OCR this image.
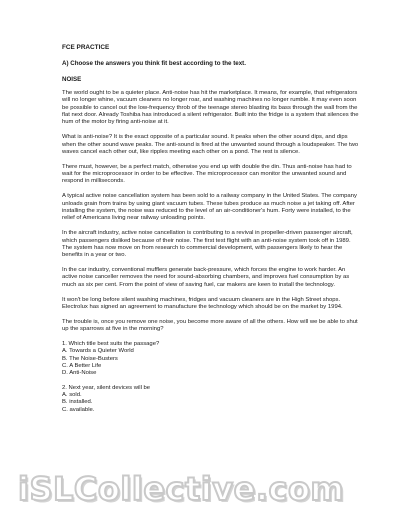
FCE PRACTICE
A) Choose the answers you think fit best according to the text.
NOISE

The world ought to be a quieter place. Anti-noise has hit the marketplace. It means, for example, that refrigerators will no longer whine, vacuum cleaners no longer roar, and washing machines no longer rumble. It may even soon be possible to cancel out the low-frequency throb of the teenage stereo blasting its bass through the wall from the flat next door. Already Toshiba has introduced a silent refrigerator. Built into the fridge is a system that silences the hum of the motor by firing anti-noise at it.

What is anti-noise? It is the exact opposite of a particular sound. It peaks when the other sound dips, and dips when the other sound wave peaks. The anti-sound is fired at the unwanted sound through a loudspeaker. The two waves cancel each other out, like ripples meeting each other on a pond. The rest is silence.

There must, however, be a perfect match, otherwise you end up with double the din. Thus anti-noise has had to wait for the microprocessor in order to be effective. The microprocessor can monitor the unwanted sound and respond in milliseconds.

A typical active noise cancellation system has been sold to a railway company in the United States. The company unloads grain from trains by using giant vacuum tubes. These tubes produce as much noise a jet taking off. After installing the system, the noise was reduced to the level of an air-conditioner's hum. Forty were installed, to the relief of Americans living near railway unloading points.

In the aircraft industry, active noise cancellation is contributing to a revival in propeller-driven passenger aircraft, which passengers disliked because of their noise. The first test flight with an anti-noise system took off in 1989. The system has now move on from research to commercial development, with passengers likely to hear the benefits in a year or two.

In the car industry, conventional mufflers generate back-pressure, which forces the engine to work harder. An active noise canceller removes the need for sound-absorbing chambers, and improves fuel consumption by as much as six per cent. From the point of view of saving fuel, car makers are keen to install the technology.

It won't be long before silent washing machines, fridges and vacuum cleaners are in the High Street shops. Electrolux has signed an agreement to manufacture the technology which should be on the market by 1994.

The trouble is, once you remove one noise, you become more aware of all the others. How will we be able to shut up the sparrows at five in the morning?

1. Which title best suits the passage?
A. Towards a Quieter World
B. The Noise-Busters
C. A Better Life
D. Anti-Noise
2. Next year, silent devices will be
A. sold.
B. installed.
C. available.
iSLCollective.com
